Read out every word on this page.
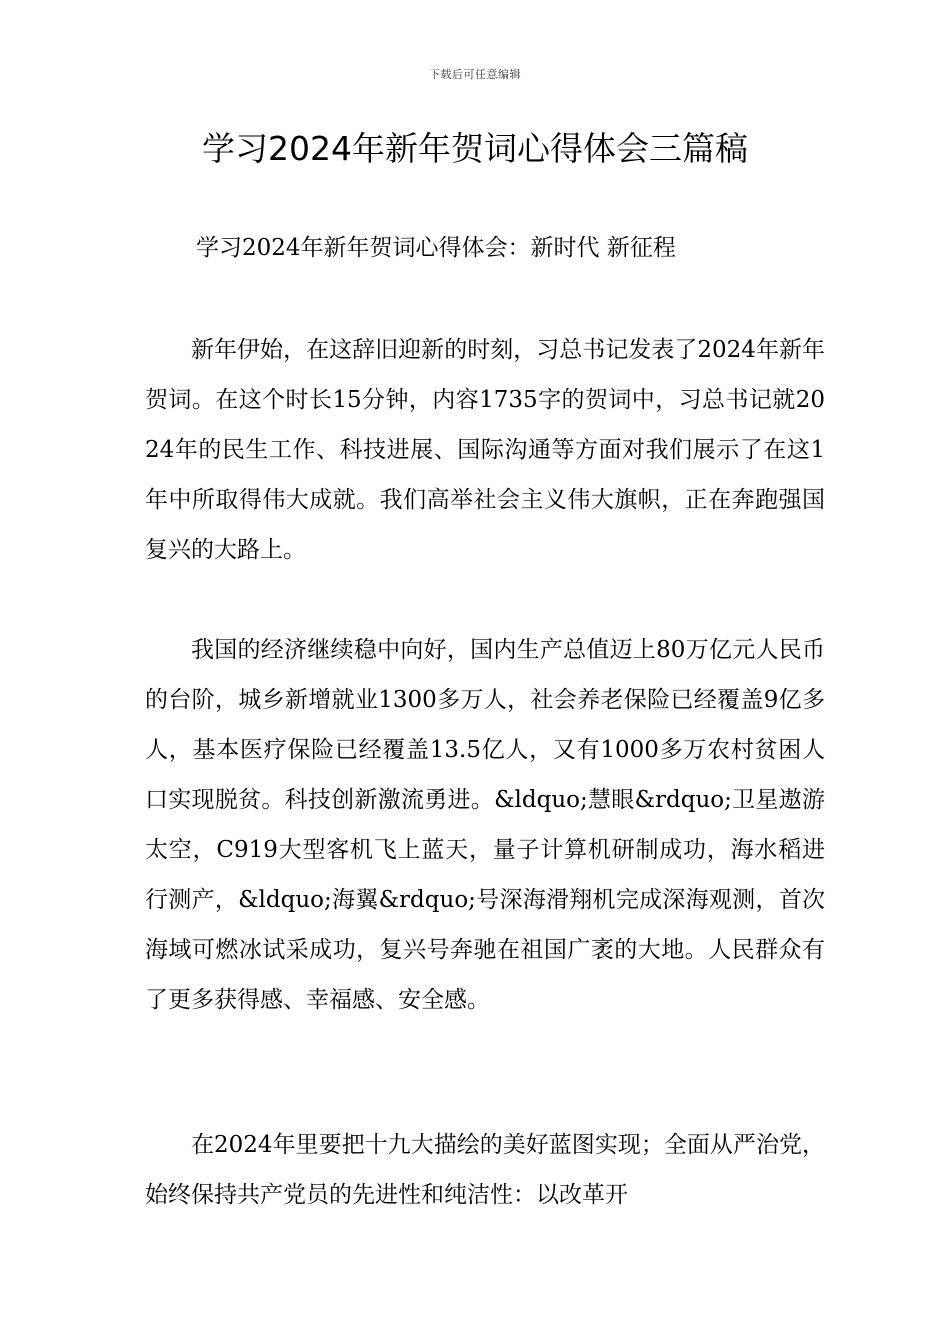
下载后可任意编辑
学习2024年新年贺词心得体会三篇稿
学习2024年新年贺词心得体会：新时代 新征程

新年伊始，在这辞旧迎新的时刻，习总书记发表了2024年新年贺词。在这个时长15分钟，内容1735字的贺词中，习总书记就2024年的民生工作、科技进展、国际沟通等方面对我们展示了在这1年中所取得伟大成就。我们高举社会主义伟大旗帜，正在奔跑强国复兴的大路上。

我国的经济继续稳中向好，国内生产总值迈上80万亿元人民币的台阶，城乡新增就业1300多万人，社会养老保险已经覆盖9亿多人，基本医疗保险已经覆盖13.5亿人，又有1000多万农村贫困人口实现脱贫。科技创新激流勇进。&ldquo;慧眼&rdquo;卫星遨游太空，C919大型客机飞上蓝天，量子计算机研制成功，海水稻进行测产，&ldquo;海翼&rdquo;号深海滑翔机完成深海观测，首次海域可燃冰试采成功，复兴号奔驰在祖国广袤的大地。人民群众有了更多获得感、幸福感、安全感。

在2024年里要把十九大描绘的美好蓝图实现；全面从严治党，始终保持共产党员的先进性和纯洁性：以改革开
